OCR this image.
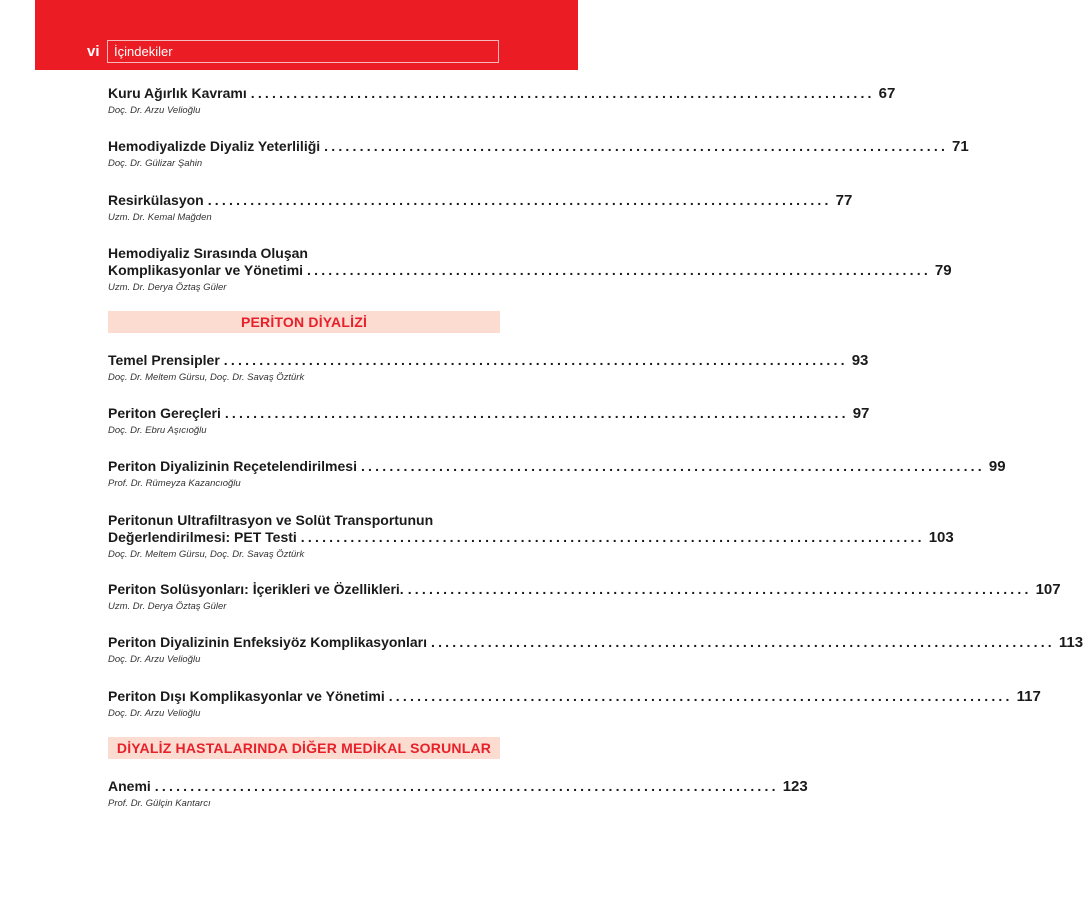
vi İçindekiler
Kuru Ağırlık Kavramı ........................................................................................ 67
Doç. Dr. Arzu Velioğlu
Hemodiyalizde Diyaliz Yeterliliği ........................................................................................ 71
Doç. Dr. Gülizar Şahin
Resirkülasyon ........................................................................................ 77
Uzm. Dr. Kemal Mağden
Hemodiyaliz Sırasında Oluşan
Komplikasyonlar ve Yönetimi ........................................................................................ 79
Uzm. Dr. Derya Öztaş Güler
PERİTON DİYALİZİ
Temel Prensipler ........................................................................................ 93
Doç. Dr. Meltem Gürsu, Doç. Dr. Savaş Öztürk
Periton Gereçleri ........................................................................................ 97
Doç. Dr. Ebru Aşıcıoğlu
Periton Diyalizinin Reçetelendirilmesi ........................................................................................ 99
Prof. Dr. Rümeyza Kazancıoğlu
Peritonun Ultrafiltrasyon ve Solüt Transportunun
Değerlendirilmesi: PET Testi ........................................................................................ 103
Doç. Dr. Meltem Gürsu, Doç. Dr. Savaş Öztürk
Periton Solüsyonları: İçerikleri ve Özellikleri. ........................................................................................ 107
Uzm. Dr. Derya Öztaş Güler
Periton Diyalizinin Enfeksiyöz Komplikasyonları ........................................................................................ 113
Doç. Dr. Arzu Velioğlu
Periton Dışı Komplikasyonlar ve Yönetimi ........................................................................................ 117
Doç. Dr. Arzu Velioğlu
DİYALİZ HASTALARINDA DİĞER MEDİKAL SORUNLAR
Anemi ........................................................................................ 123
Prof. Dr. Gülçin Kantarcı
